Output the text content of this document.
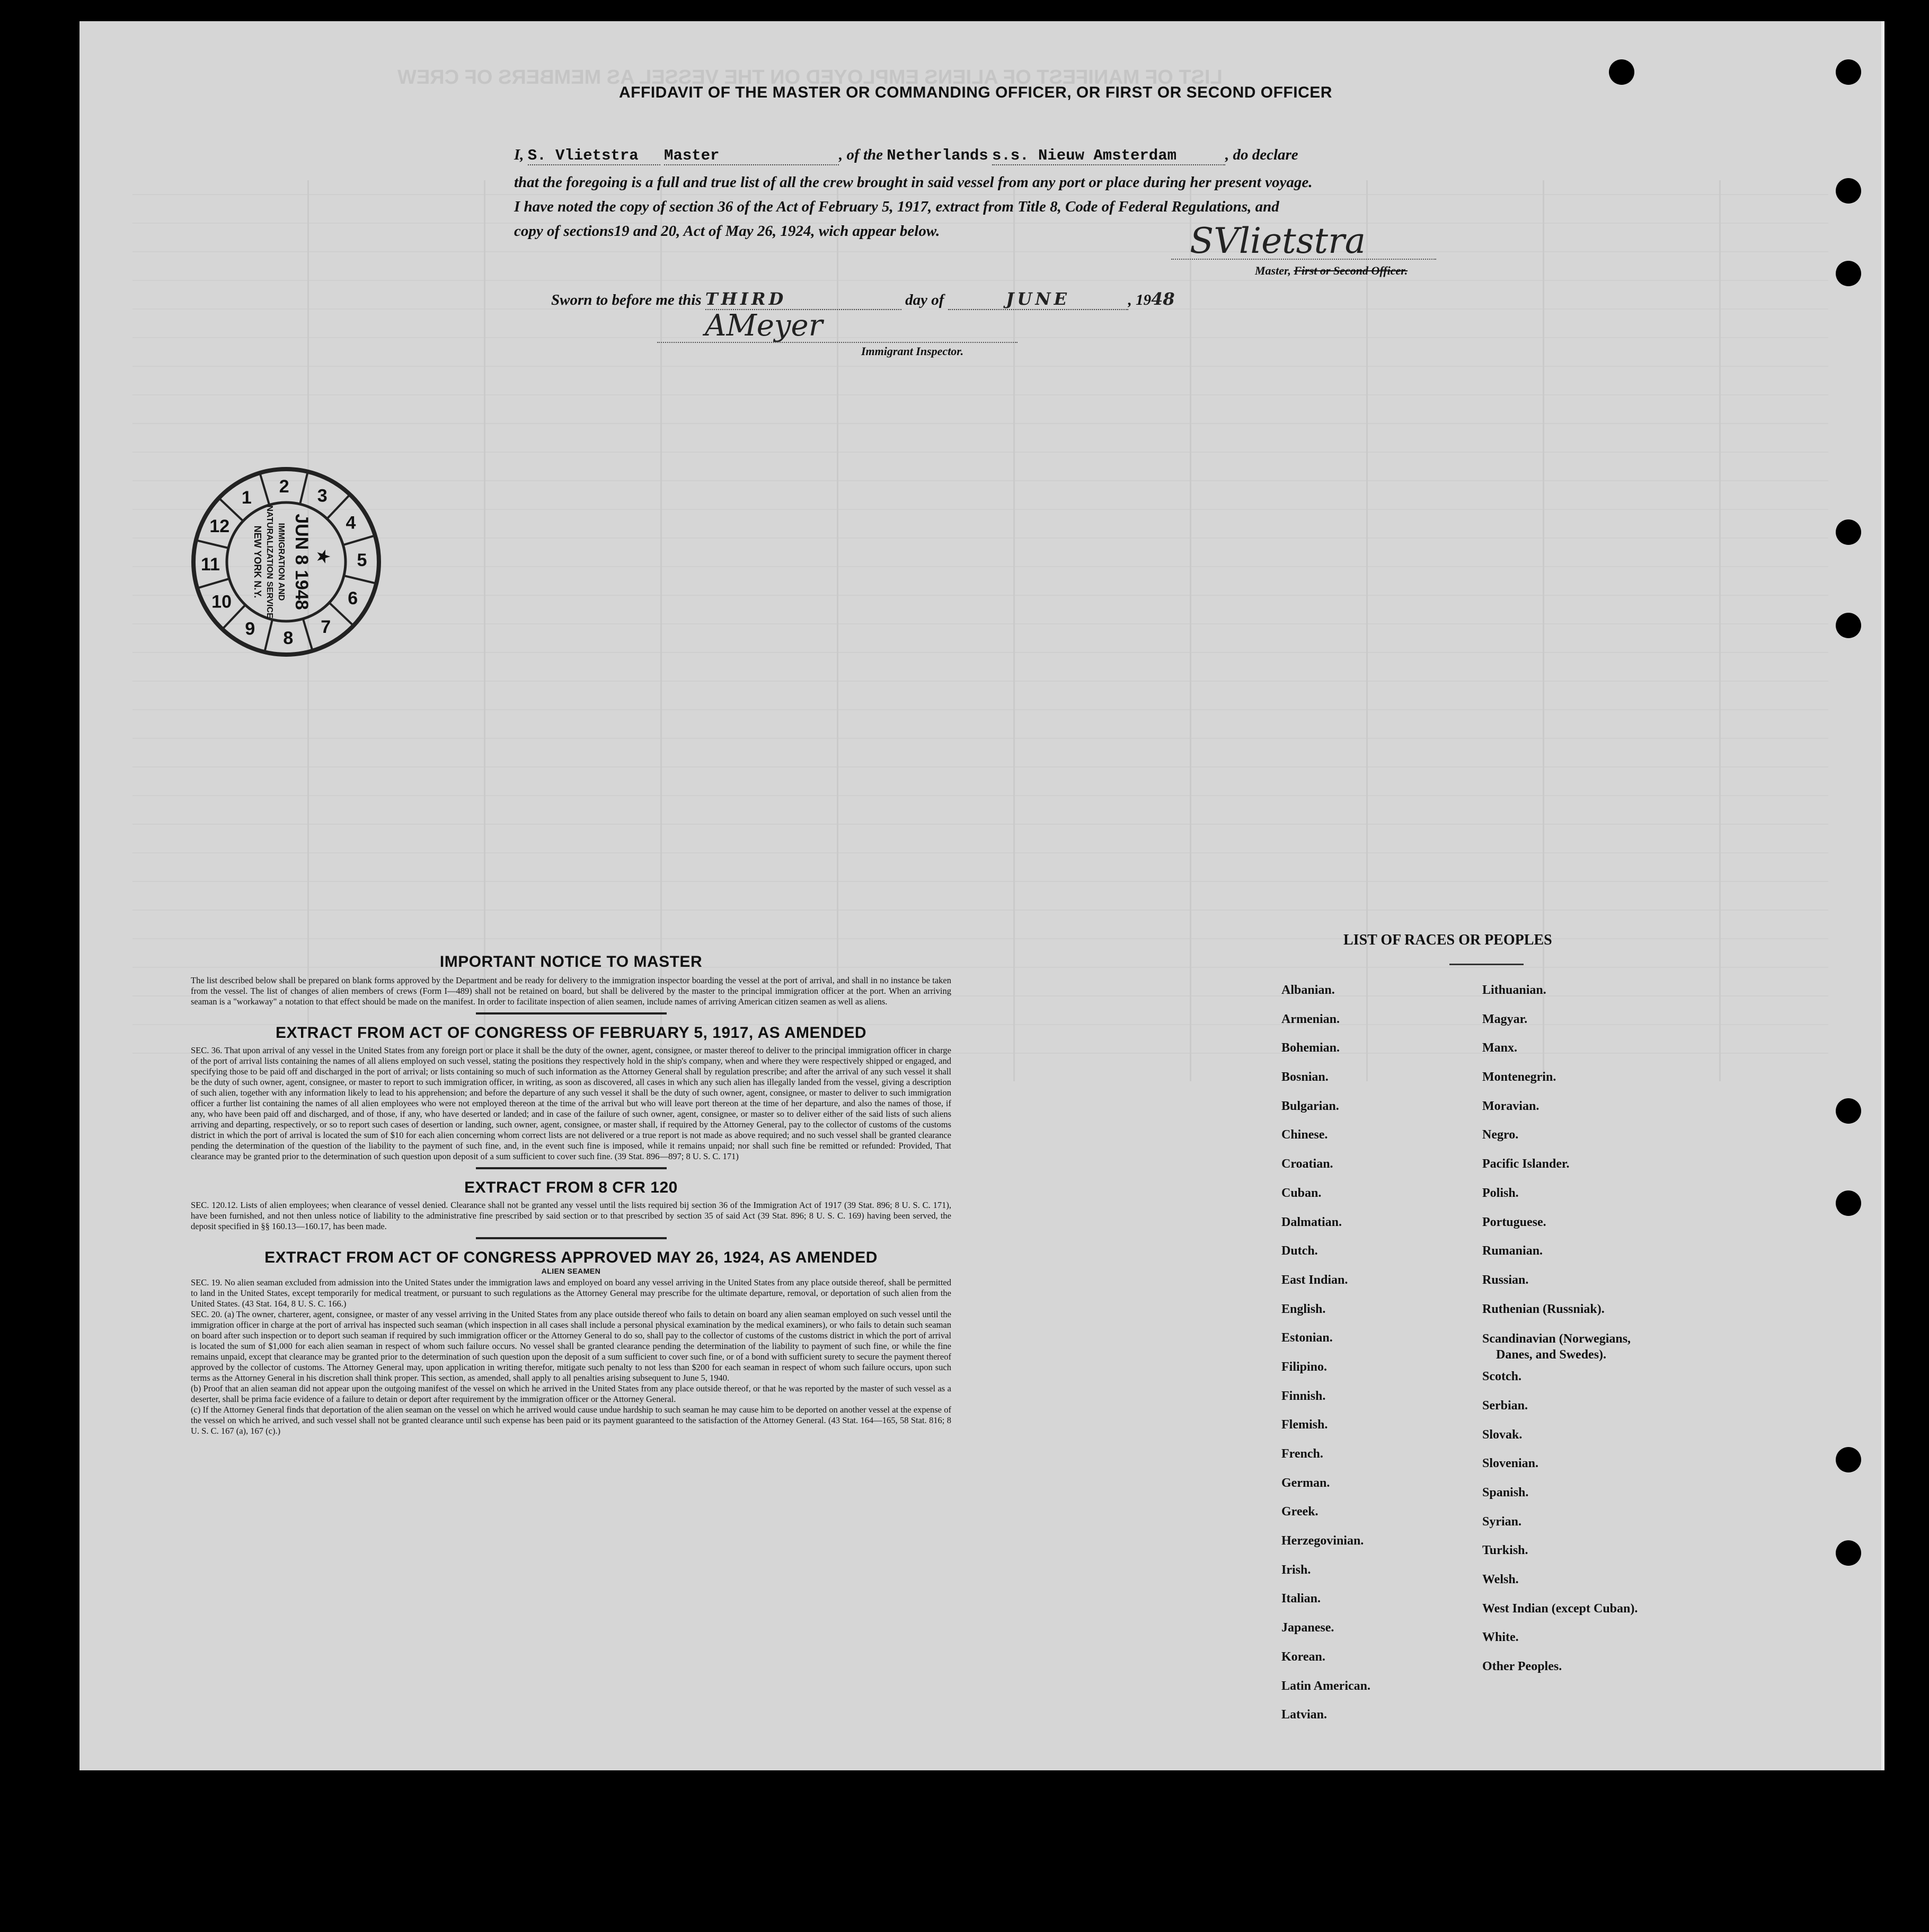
LIST OF MANIFEST OF ALIENS EMPLOYED ON THE VESSEL AS MEMBERS OF CREW
AFFIDAVIT OF THE MASTER OR COMMANDING OFFICER, OR FIRST OR SECOND OFFICER
I, S. Vlietstra Master	, of the Netherlands s.s. Nieuw Amsterdam	, do declare
that the foregoing is a full and true list of all the crew brought in said vessel from any port or place during her present voyage.
I have noted the copy of section 36 of the Act of February 5, 1917, extract from Title 8, Code of Federal Regulations, and
copy of sections19 and 20, Act of May 26, 1924, wich appear below.	SVlietstra
Master, First or Second Officer.
Sworn to before me this THIRD	day of	JUNE	, 1948
AMeyer
Immigrant Inspector.
1
2 3
4
5
6
7
8
9
10
11
12
★
JUN 8 1948
IMMIGRATION AND
NATURALIZATION SERVICE
NEW YORK N.Y.
IMPORTANT NOTICE TO MASTER

The list described below shall be prepared on blank forms approved by the Department and be ready for delivery to the immigration inspector boarding the vessel at the port of arrival, and shall in no instance be taken from the vessel. The list of changes of alien members of crews (Form I—489) shall not be retained on board, but shall be delivered by the master to the principal immigration officer at the port. When an arriving seaman is a "workaway" a notation to that effect should be made on the manifest. In order to facilitate inspection of alien seamen, include names of arriving American citizen seamen as well as aliens.

EXTRACT FROM ACT OF CONGRESS OF FEBRUARY 5, 1917, AS AMENDED

SEC. 36. That upon arrival of any vessel in the United States from any foreign port or place it shall be the duty of the owner, agent, consignee, or master thereof to deliver to the principal immigration officer in charge of the port of arrival lists containing the names of all aliens employed on such vessel, stating the positions they respectively hold in the ship's company, when and where they were respectively shipped or engaged, and specifying those to be paid off and discharged in the port of arrival; or lists containing so much of such information as the Attorney General shall by regulation prescribe; and after the arrival of any such vessel it shall be the duty of such owner, agent, consignee, or master to report to such immigration officer, in writing, as soon as discovered, all cases in which any such alien has illegally landed from the vessel, giving a description of such alien, together with any information likely to lead to his apprehension; and before the departure of any such vessel it shall be the duty of such owner, agent, consignee, or master to deliver to such immigration officer a further list containing the names of all alien employees who were not employed thereon at the time of the arrival but who will leave port thereon at the time of her departure, and also the names of those, if any, who have been paid off and discharged, and of those, if any, who have deserted or landed; and in case of the failure of such owner, agent, consignee, or master so to deliver either of the said lists of such aliens arriving and departing, respectively, or so to report such cases of desertion or landing, such owner, agent, consignee, or master shall, if required by the Attorney General, pay to the collector of customs of the customs district in which the port of arrival is located the sum of $10 for each alien concerning whom correct lists are not delivered or a true report is not made as above required; and no such vessel shall be granted clearance pending the determination of the question of the liability to the payment of such fine, and, in the event such fine is imposed, while it remains unpaid; nor shall such fine be remitted or refunded: Provided, That clearance may be granted prior to the determination of such question upon deposit of a sum sufficient to cover such fine. (39 Stat. 896—897; 8 U. S. C. 171)

EXTRACT FROM 8 CFR 120

SEC. 120.12. Lists of alien employees; when clearance of vessel denied. Clearance shall not be granted any vessel until the lists required bij section 36 of the Immigration Act of 1917 (39 Stat. 896; 8 U. S. C. 171), have been furnished, and not then unless notice of liability to the administrative fine prescribed by said section or to that prescribed by section 35 of said Act (39 Stat. 896; 8 U. S. C. 169) having been served, the deposit specified in §§ 160.13—160.17, has been made.

EXTRACT FROM ACT OF CONGRESS APPROVED MAY 26, 1924, AS AMENDED
ALIEN SEAMEN

SEC. 19. No alien seaman excluded from admission into the United States under the immigration laws and employed on board any vessel arriving in the United States from any place outside thereof, shall be permitted to land in the United States, except temporarily for medical treatment, or pursuant to such regulations as the Attorney General may prescribe for the ultimate departure, removal, or deportation of such alien from the United States. (43 Stat. 164, 8 U. S. C. 166.)

SEC. 20. (a) The owner, charterer, agent, consignee, or master of any vessel arriving in the United States from any place outside thereof who fails to detain on board any alien seaman employed on such vessel until the immigration officer in charge at the port of arrival has inspected such seaman (which inspection in all cases shall include a personal physical examination by the medical examiners), or who fails to detain such seaman on board after such inspection or to deport such seaman if required by such immigration officer or the Attorney General to do so, shall pay to the collector of customs of the customs district in which the port of arrival is located the sum of $1,000 for each alien seaman in respect of whom such failure occurs. No vessel shall be granted clearance pending the determination of the liability to payment of such fine, or while the fine remains unpaid, except that clearance may be granted prior to the determination of such question upon the deposit of a sum sufficient to cover such fine, or of a bond with sufficient surety to secure the payment thereof approved by the collector of customs. The Attorney General may, upon application in writing therefor, mitigate such penalty to not less than $200 for each seaman in respect of whom such failure occurs, upon such terms as the Attorney General in his discretion shall think proper. This section, as amended, shall apply to all penalties arising subsequent to June 5, 1940.

(b) Proof that an alien seaman did not appear upon the outgoing manifest of the vessel on which he arrived in the United States from any place outside thereof, or that he was reported by the master of such vessel as a deserter, shall be prima facie evidence of a failure to detain or deport after requirement by the immigration officer or the Attorney General.

(c) If the Attorney General finds that deportation of the alien seaman on the vessel on which he arrived would cause undue hardship to such seaman he may cause him to be deported on another vessel at the expense of the vessel on which he arrived, and such vessel shall not be granted clearance until such expense has been paid or its payment guaranteed to the satisfaction of the Attorney General. (43 Stat. 164—165, 58 Stat. 816; 8 U. S. C. 167 (a), 167 (c).)

LIST OF RACES OR PEOPLES
Albanian.
Armenian.
Bohemian.
Bosnian.
Bulgarian.
Chinese.
Croatian.
Cuban.
Dalmatian.
Dutch.
East Indian.
English.
Estonian.
Filipino.
Finnish.
Flemish.
French.
German.
Greek.
Herzegovinian.
Irish.
Italian.
Japanese.
Korean.
Latin American.
Latvian.
Lithuanian.
Magyar.
Manx.
Montenegrin.
Moravian.
Negro.
Pacific Islander.
Polish.
Portuguese.
Rumanian.
Russian.
Ruthenian (Russniak).
Scandinavian (Norwegians,
Danes, and Swedes).
Scotch.
Serbian.
Slovak.
Slovenian.
Spanish.
Syrian.
Turkish.
Welsh.
West Indian (except Cuban).
White.
Other Peoples.
